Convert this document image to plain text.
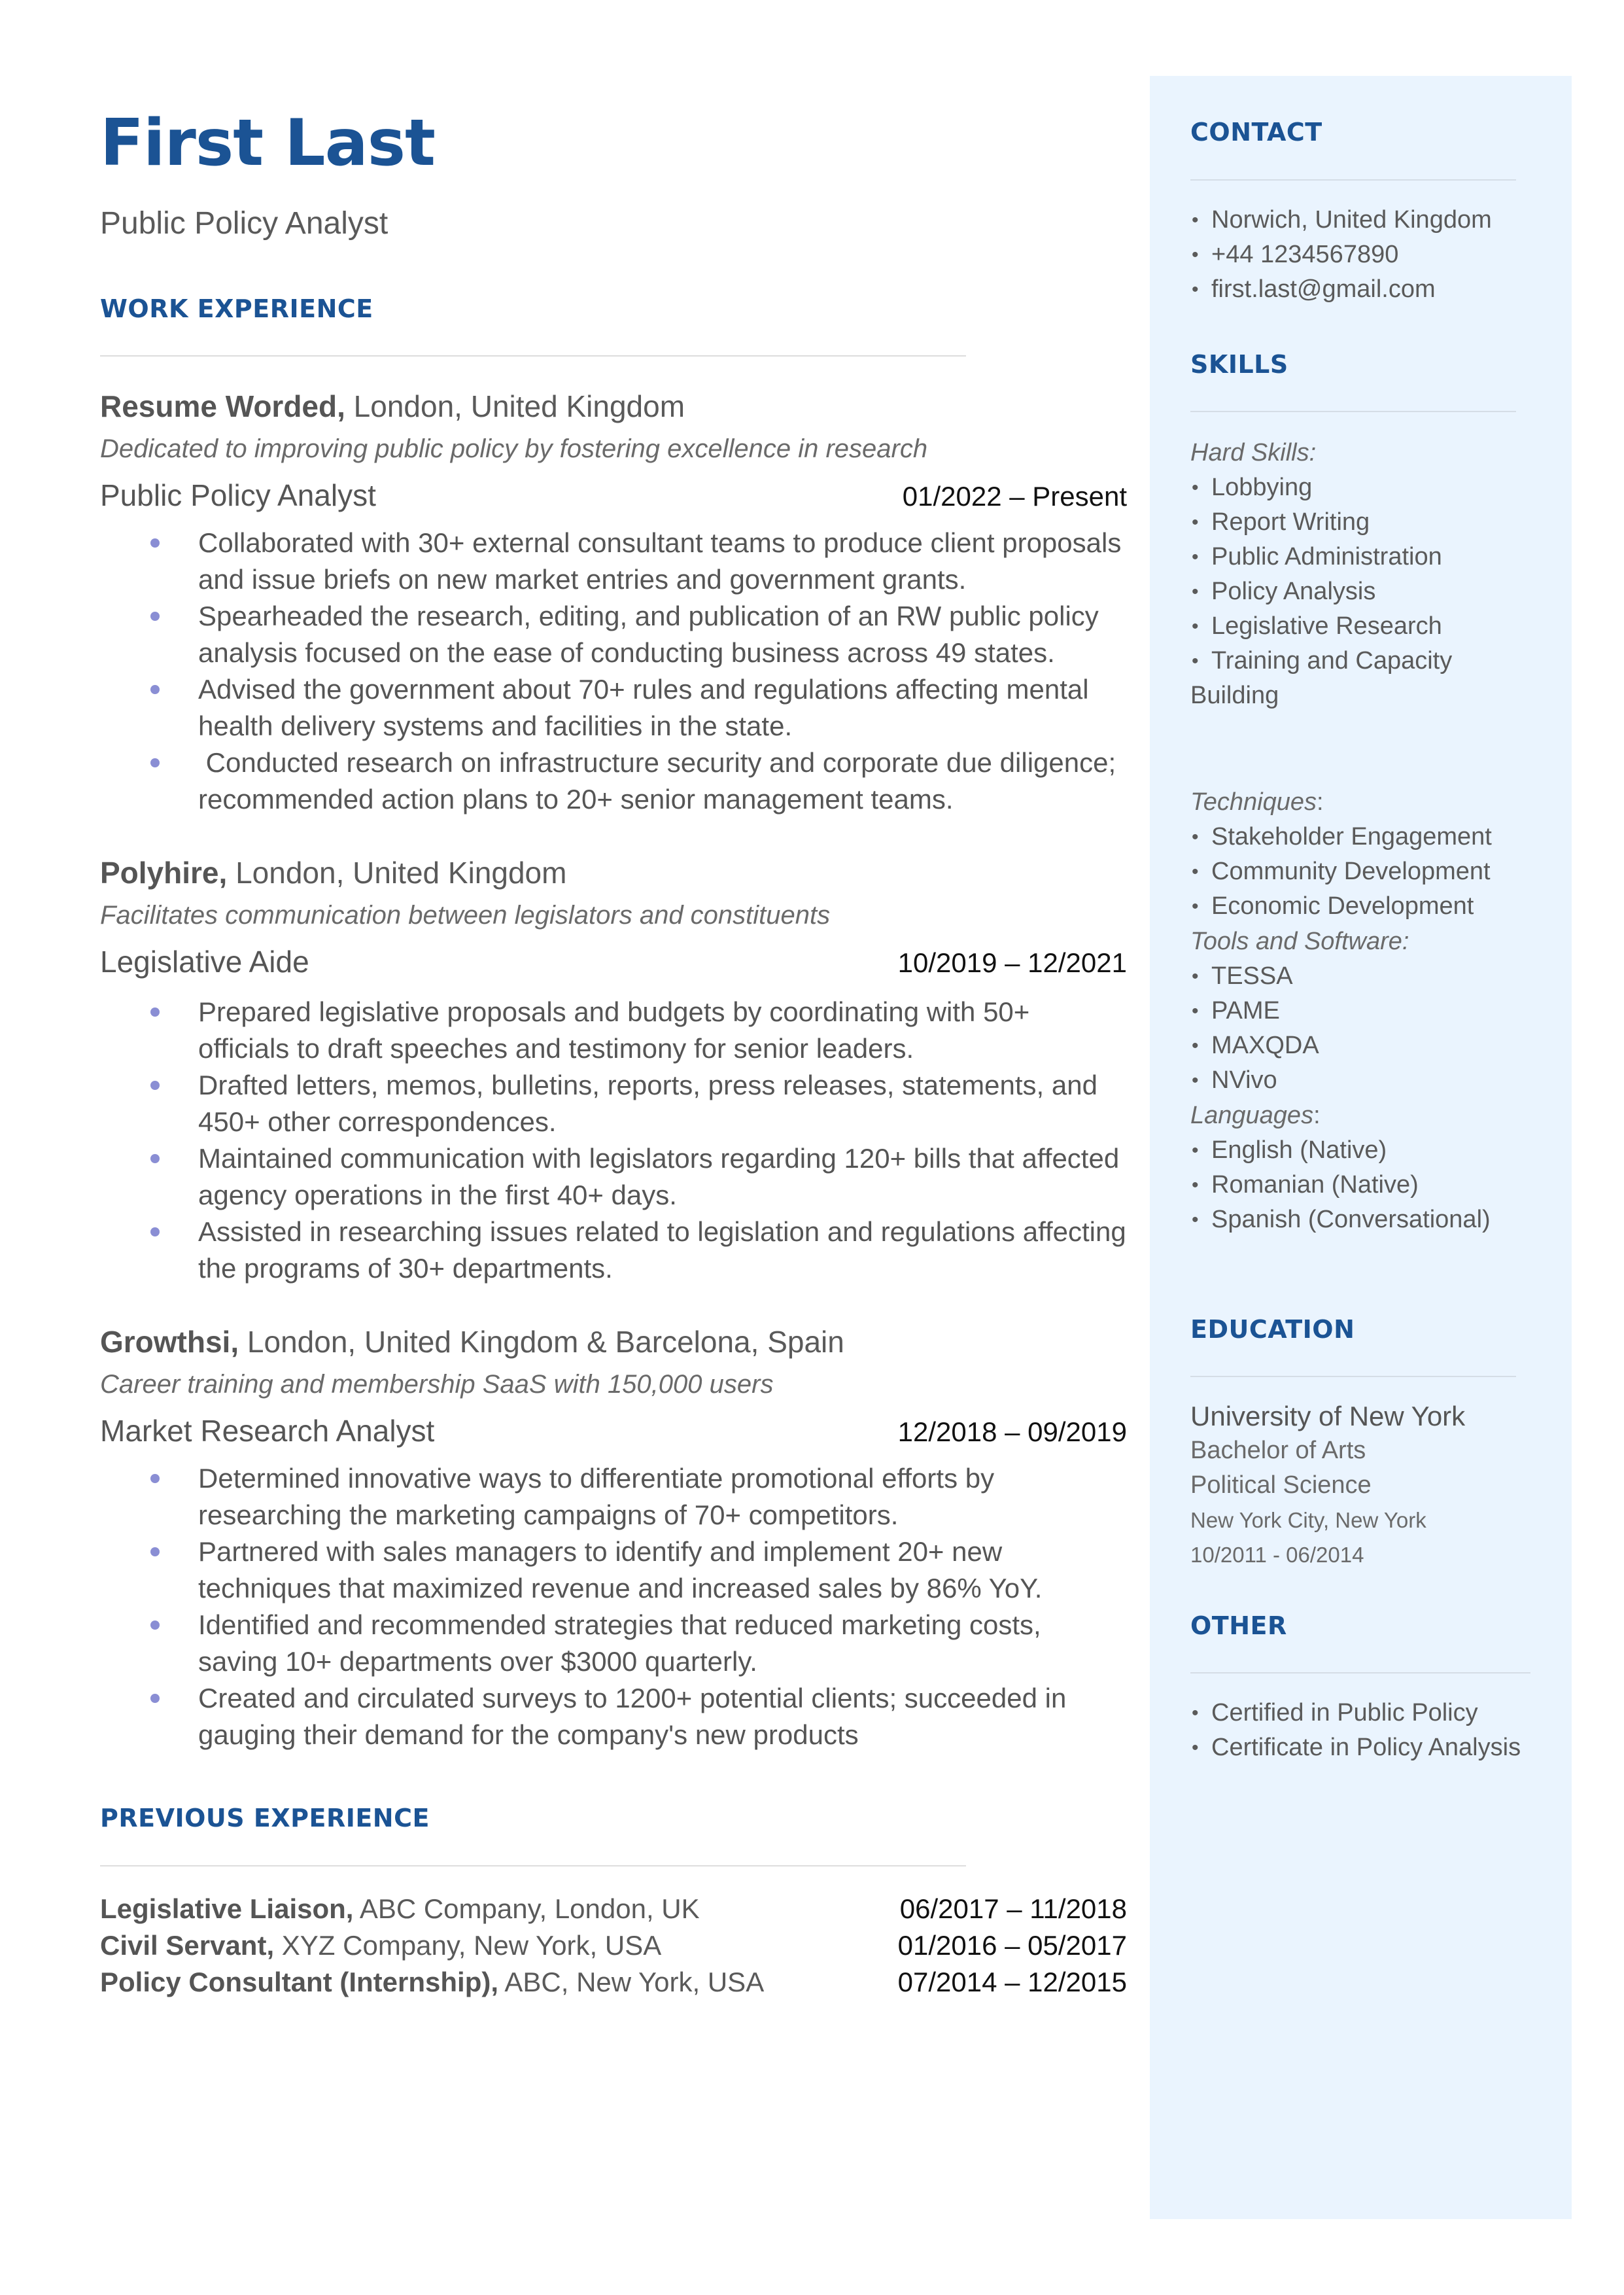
First Last
Public Policy Analyst
WORK EXPERIENCE
Resume Worded, London, United Kingdom
Dedicated to improving public policy by fostering excellence in research
Public Policy Analyst	01/2022 – Present
Collaborated with 30+ external consultant teams to produce client proposals and issue briefs on new market entries and government grants.
Spearheaded the research, editing, and publication of an RW public policy analysis focused on the ease of conducting business across 49 states.
Advised the government about 70+ rules and regulations affecting mental health delivery systems and facilities in the state.
Conducted research on infrastructure security and corporate due diligence; recommended action plans to 20+ senior management teams.
Polyhire, London, United Kingdom
Facilitates communication between legislators and constituents
Legislative Aide	10/2019 – 12/2021
Prepared legislative proposals and budgets by coordinating with 50+ officials to draft speeches and testimony for senior leaders.
Drafted letters, memos, bulletins, reports, press releases, statements, and 450+ other correspondences.
Maintained communication with legislators regarding 120+ bills that affected agency operations in the first 40+ days.
Assisted in researching issues related to legislation and regulations affecting the programs of 30+ departments.
Growthsi, London, United Kingdom & Barcelona, Spain
Career training and membership SaaS with 150,000 users
Market Research Analyst	12/2018 – 09/2019
Determined innovative ways to differentiate promotional efforts by researching the marketing campaigns of 70+ competitors.
Partnered with sales managers to identify and implement 20+ new techniques that maximized revenue and increased sales by 86% YoY.
Identified and recommended strategies that reduced marketing costs, saving 10+ departments over $3000 quarterly.
Created and circulated surveys to 1200+ potential clients; succeeded in gauging their demand for the company's new products
PREVIOUS EXPERIENCE
Legislative Liaison, ABC Company, London, UK	06/2017 – 11/2018
Civil Servant, XYZ Company, New York, USA	01/2016 – 05/2017
Policy Consultant (Internship), ABC, New York, USA	07/2014 – 12/2015
CONTACT
• Norwich, United Kingdom
• +44 1234567890
• first.last@gmail.com
SKILLS
Hard Skills:
• Lobbying
• Report Writing
• Public Administration
• Policy Analysis
• Legislative Research
• Training and Capacity Building
Techniques:
• Stakeholder Engagement
• Community Development
• Economic Development
Tools and Software:
• TESSA
• PAME
• MAXQDA
• NVivo
Languages:
• English (Native)
• Romanian (Native)
• Spanish (Conversational)
EDUCATION
University of New York
Bachelor of Arts
Political Science
New York City, New York
10/2011 - 06/2014
OTHER
• Certified in Public Policy
• Certificate in Policy Analysis
